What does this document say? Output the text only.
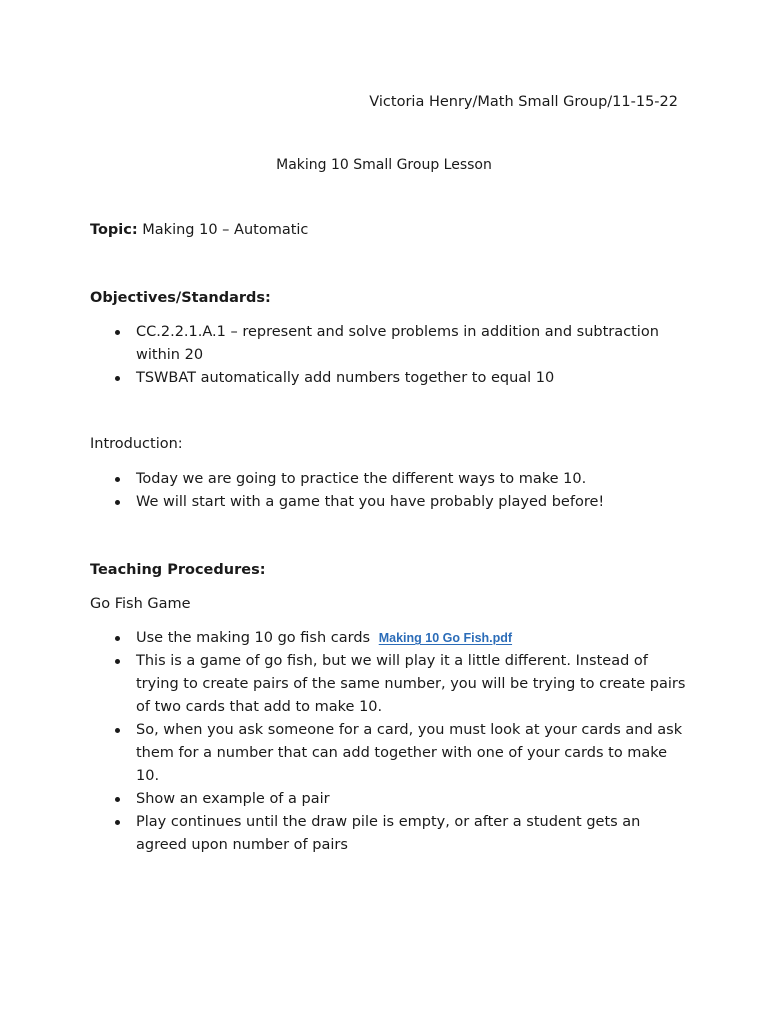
Victoria Henry/Math Small Group/11-15-22
Making 10 Small Group Lesson
Topic: Making 10 – Automatic
Objectives/Standards:
CC.2.2.1.A.1 – represent and solve problems in addition and subtraction within 20
TSWBAT automatically add numbers together to equal 10
Introduction:
Today we are going to practice the different ways to make 10.
We will start with a game that you have probably played before!
Teaching Procedures:
Go Fish Game
Use the making 10 go fish cards Making 10 Go Fish.pdf
This is a game of go fish, but we will play it a little different. Instead of trying to create pairs of the same number, you will be trying to create pairs of two cards that add to make 10.
So, when you ask someone for a card, you must look at your cards and ask them for a number that can add together with one of your cards to make 10.
Show an example of a pair
Play continues until the draw pile is empty, or after a student gets an agreed upon number of pairs
